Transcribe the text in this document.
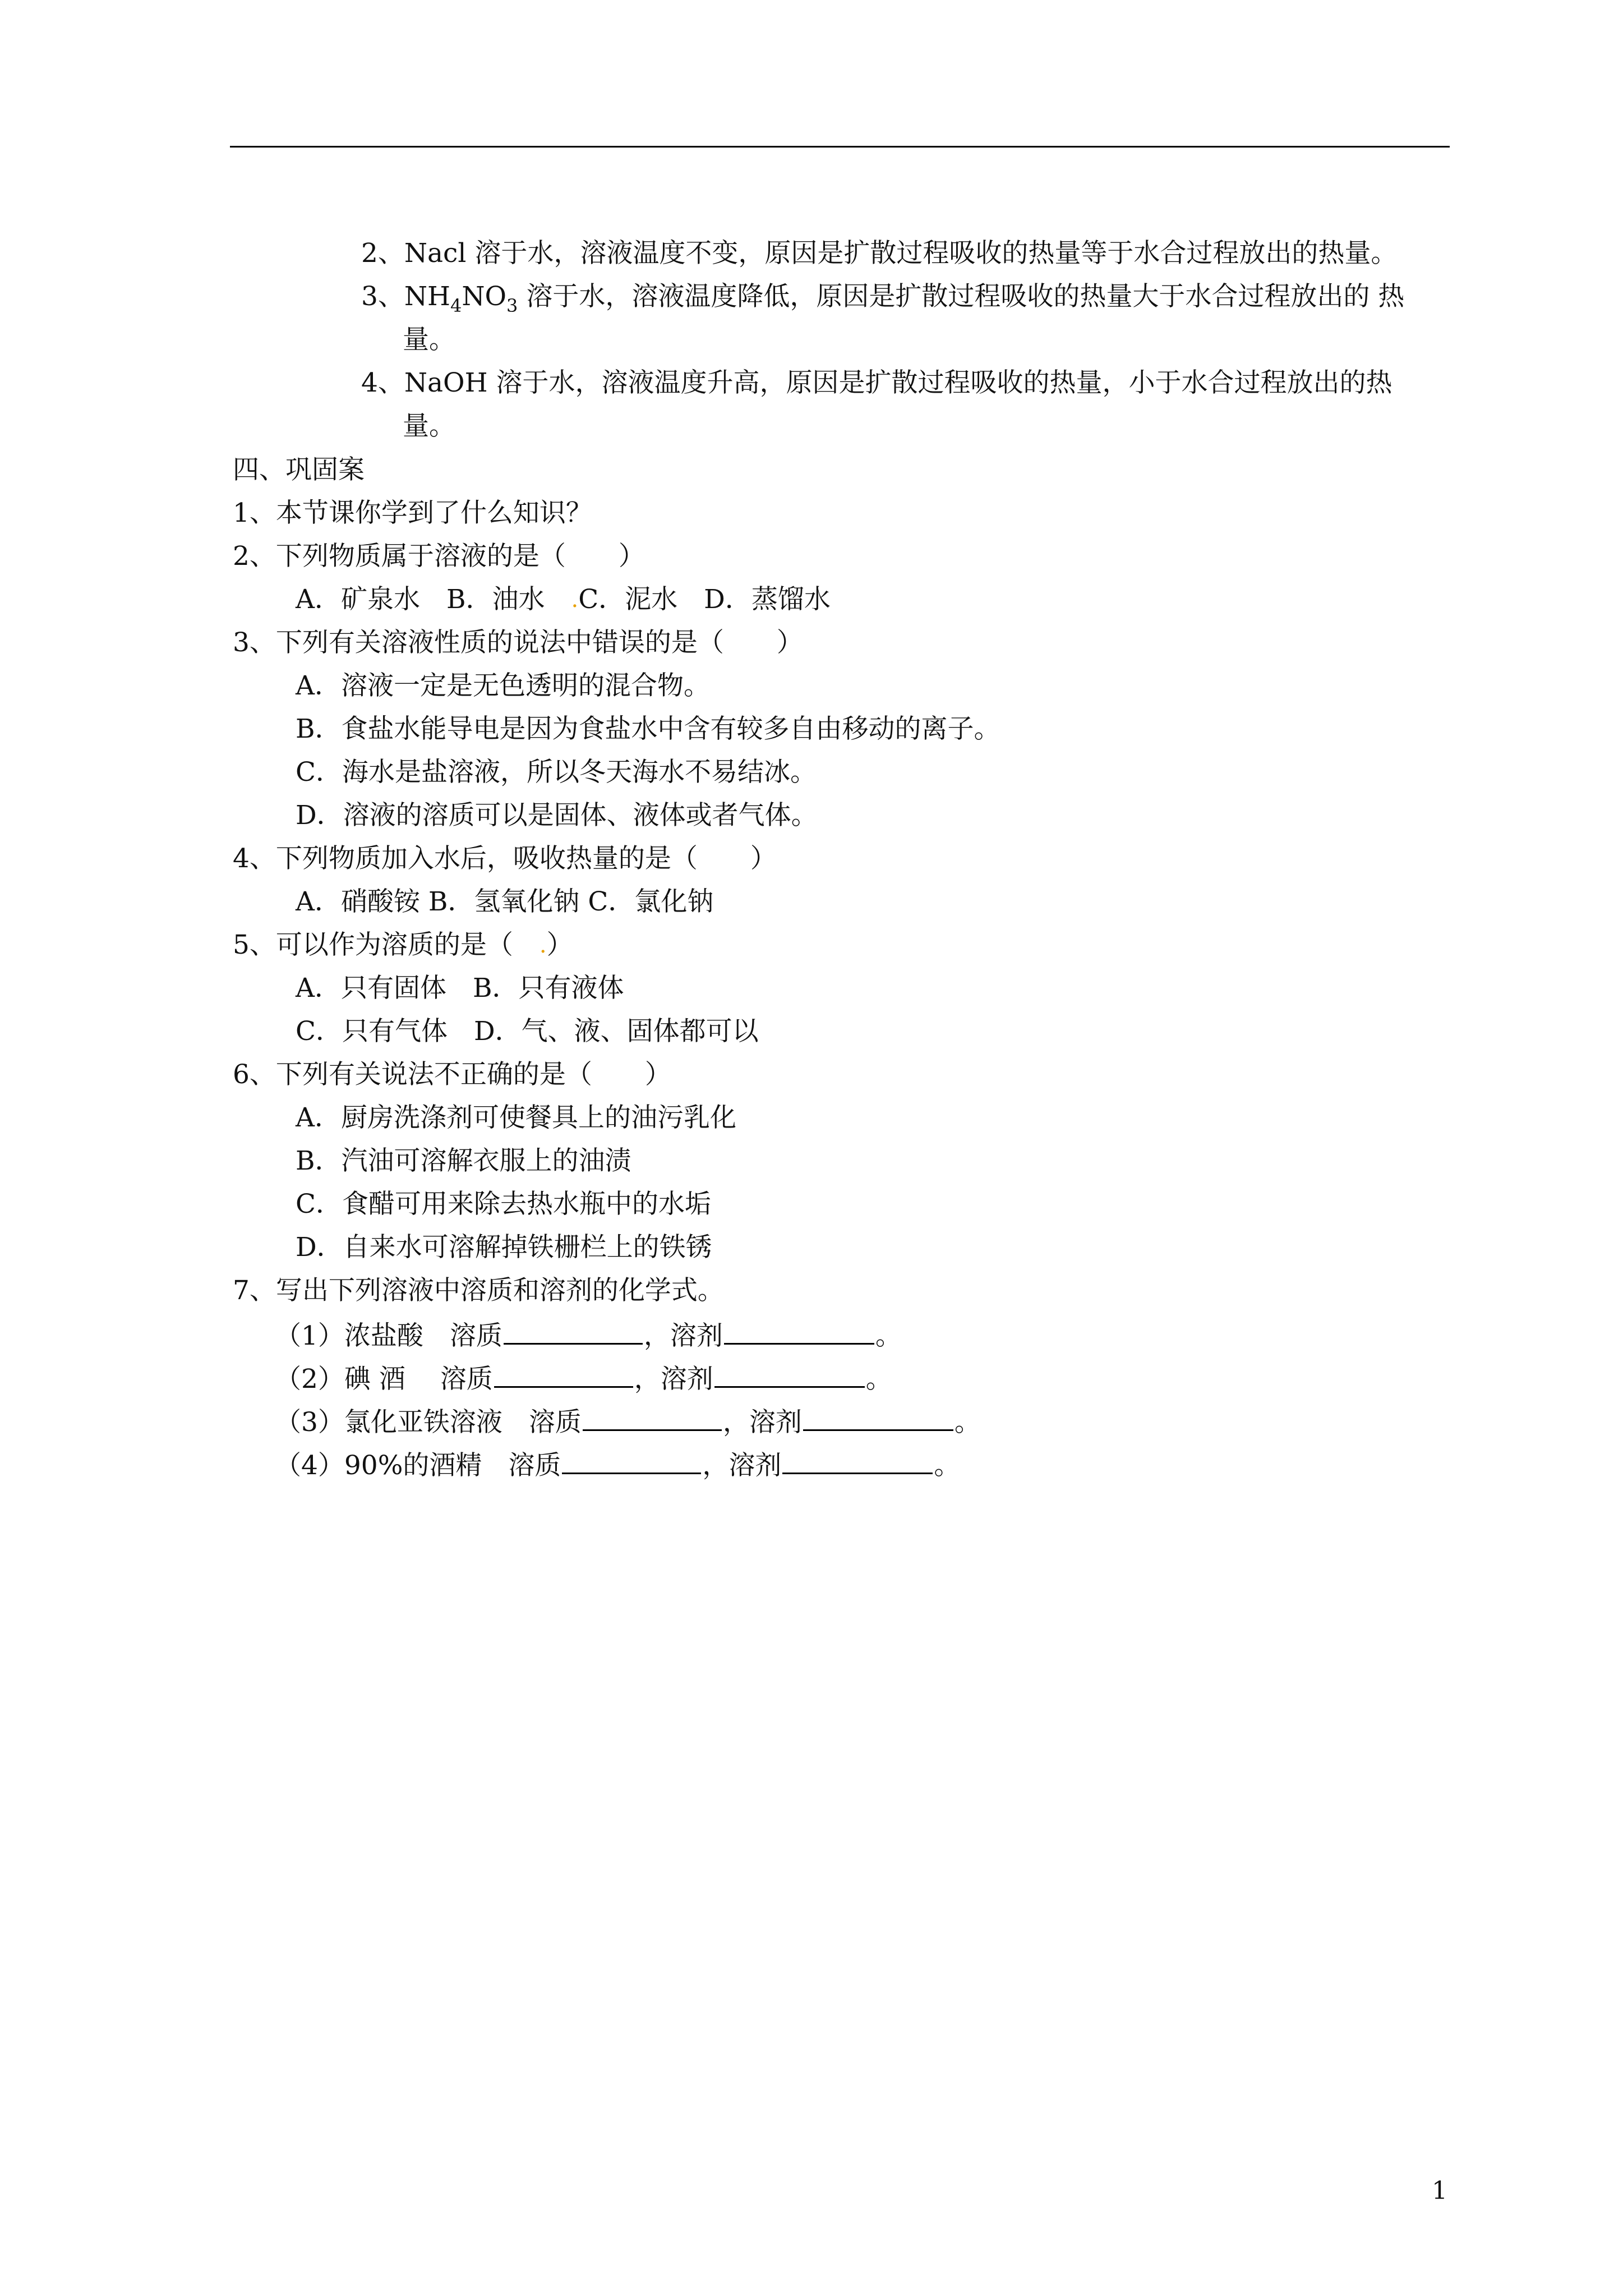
2、Nacl 溶于水，溶液温度不变，原因是扩散过程吸收的热量等于水合过程放出的热量。
3、$NH_4NO_3$ 溶于水，溶液温度降低，原因是扩散过程吸收的热量大于水合过程放出的 热
量。
4、NaOH 溶于水，溶液温度升高，原因是扩散过程吸收的热量，小于水合过程放出的热
量。
四、巩固案
1、本节课你学到了什么知识？
2、下列物质属于溶液的是（　　）
A．矿泉水　B．油水　.C．泥水　D．蒸馏水
3、下列有关溶液性质的说法中错误的是（　　）
A．溶液一定是无色透明的混合物。
B．食盐水能导电是因为食盐水中含有较多自由移动的离子。
C．海水是盐溶液，所以冬天海水不易结冰。
D．溶液的溶质可以是固体、液体或者气体。
4、下列物质加入水后，吸收热量的是（　　）
A．硝酸铵 B．氢氧化钠 C．氯化钠
5、可以作为溶质的是（　.）
A．只有固体　B．只有液体
C．只有气体　D．气、液、固体都可以
6、下列有关说法不正确的是（　　）
A．厨房洗涤剂可使餐具上的油污乳化
B．汽油可溶解衣服上的油渍
C．食醋可用来除去热水瓶中的水垢
D．自来水可溶解掉铁栅栏上的铁锈
7、写出下列溶液中溶质和溶剂的化学式。
（1）浓盐酸　溶质	，溶剂	。
（2）碘 酒　 溶质	，溶剂	。
（3）氯化亚铁溶液　溶质	，溶剂	。
（4）90%的酒精　溶质	，溶剂	。
1
